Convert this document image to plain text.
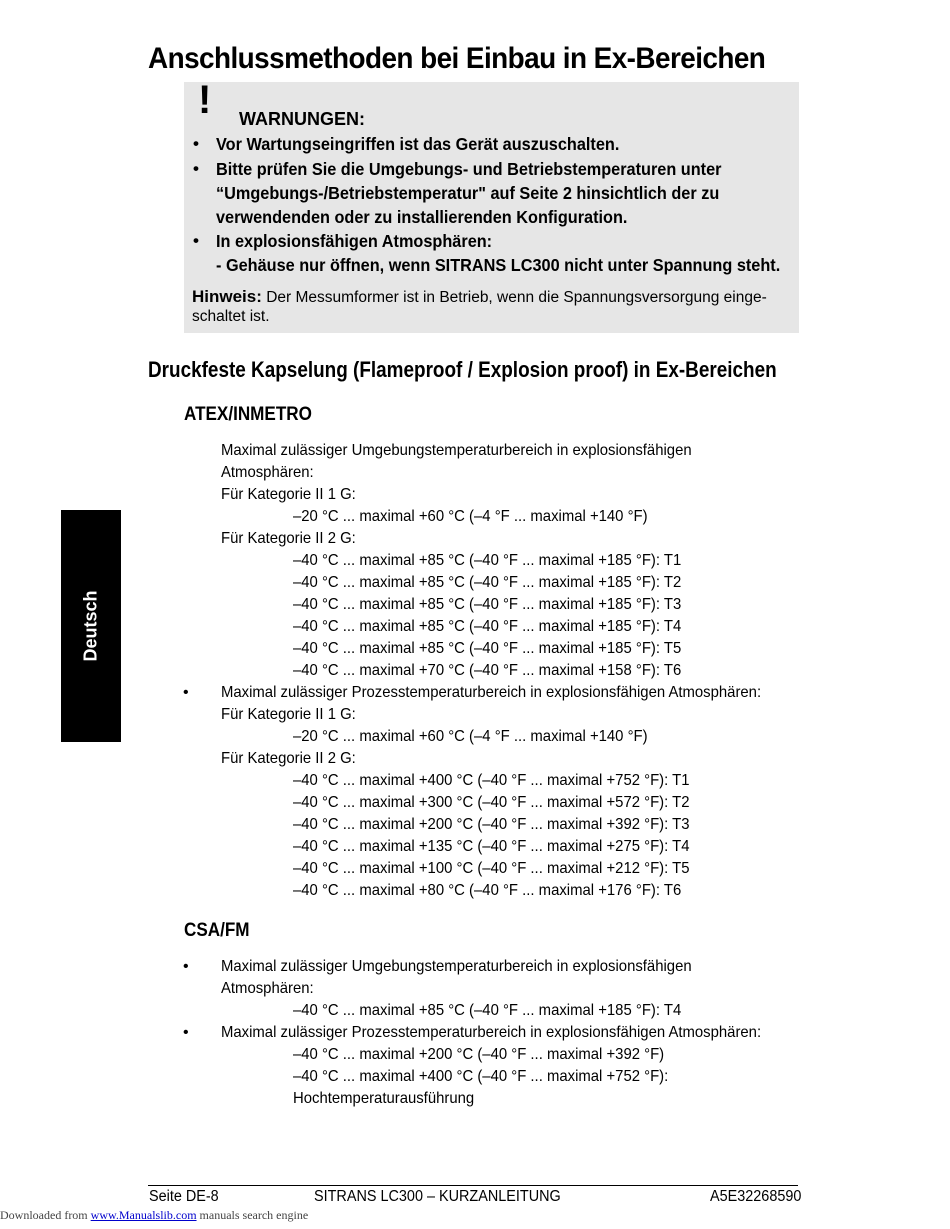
Anschlussmethoden bei Einbau in Ex-Bereichen
! WARNUNGEN:
• Vor Wartungseingriffen ist das Gerät auszuschalten.
• Bitte prüfen Sie die Umgebungs- und Betriebstemperaturen unter
“Umgebungs-/Betriebstemperatur" auf Seite 2 hinsichtlich der zu
verwendenden oder zu installierenden Konfiguration.
• In explosionsfähigen Atmosphären:
- Gehäuse nur öffnen, wenn SITRANS LC300 nicht unter Spannung steht.
Hinweis: Der Messumformer ist in Betrieb, wenn die Spannungsversorgung einge-
schaltet ist.
Druckfeste Kapselung (Flameproof / Explosion proof) in Ex-Bereichen
ATEX/INMETRO
Maximal zulässiger Umgebungstemperaturbereich in explosionsfähigen
Atmosphären:
Für Kategorie II 1 G:
–20 °C ... maximal +60 °C (–4 °F ... maximal +140 °F)
Für Kategorie II 2 G:
–40 °C ... maximal +85 °C (–40 °F ... maximal +185 °F): T1
–40 °C ... maximal +85 °C (–40 °F ... maximal +185 °F): T2
–40 °C ... maximal +85 °C (–40 °F ... maximal +185 °F): T3
–40 °C ... maximal +85 °C (–40 °F ... maximal +185 °F): T4
–40 °C ... maximal +85 °C (–40 °F ... maximal +185 °F): T5
–40 °C ... maximal +70 °C (–40 °F ... maximal +158 °F): T6
• Maximal zulässiger Prozesstemperaturbereich in explosionsfähigen Atmosphären:
Für Kategorie II 1 G:
–20 °C ... maximal +60 °C (–4 °F ... maximal +140 °F)
Für Kategorie II 2 G:
–40 °C ... maximal +400 °C (–40 °F ... maximal +752 °F): T1
–40 °C ... maximal +300 °C (–40 °F ... maximal +572 °F): T2
–40 °C ... maximal +200 °C (–40 °F ... maximal +392 °F): T3
–40 °C ... maximal +135 °C (–40 °F ... maximal +275 °F): T4
–40 °C ... maximal +100 °C (–40 °F ... maximal +212 °F): T5
–40 °C ... maximal +80 °C (–40 °F ... maximal +176 °F): T6
CSA/FM
• Maximal zulässiger Umgebungstemperaturbereich in explosionsfähigen
Atmosphären:
–40 °C ... maximal +85 °C (–40 °F ... maximal +185 °F): T4
• Maximal zulässiger Prozesstemperaturbereich in explosionsfähigen Atmosphären:
–40 °C ... maximal +200 °C (–40 °F ... maximal +392 °F)
–40 °C ... maximal +400 °C (–40 °F ... maximal +752 °F):
Hochtemperaturausführung
Deutsch
Seite DE-8	SITRANS LC300 – KURZANLEITUNG	A5E32268590
Downloaded from www.Manualslib.com manuals search engine
